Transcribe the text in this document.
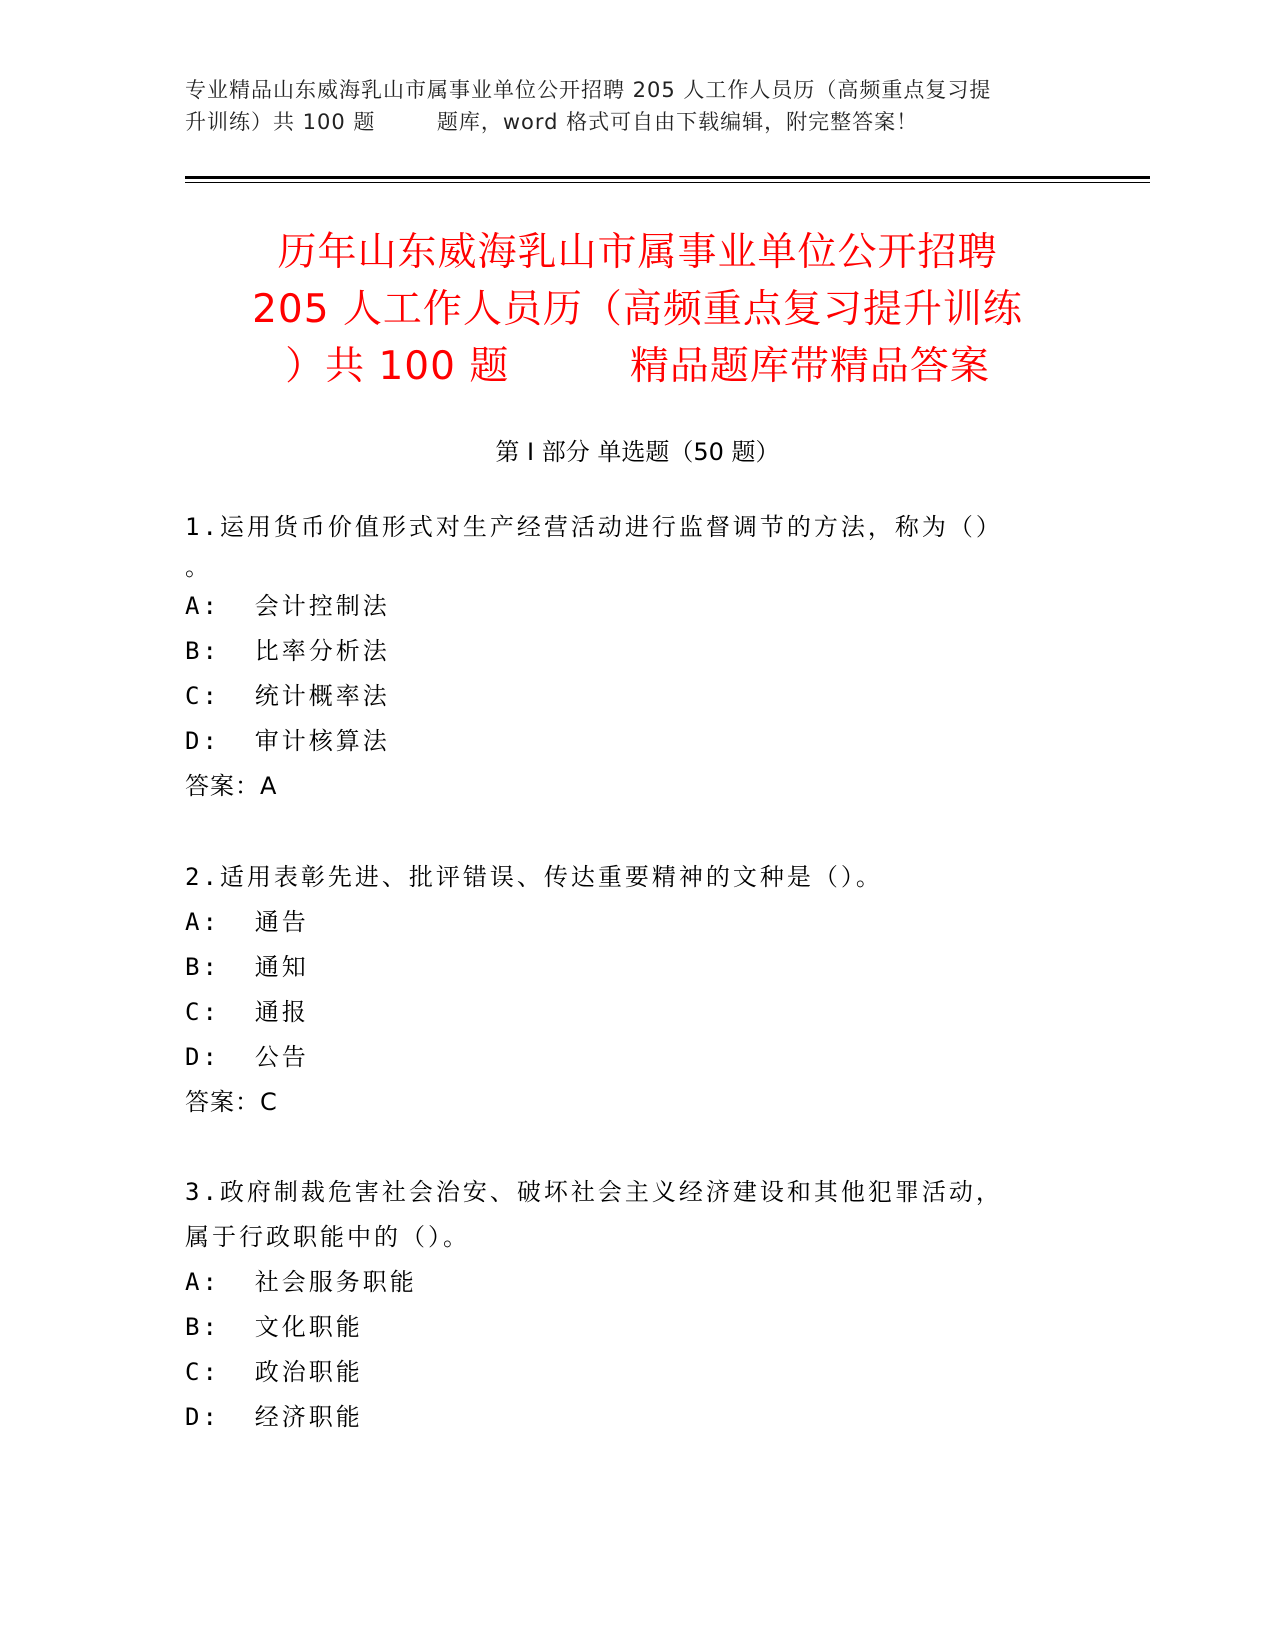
专业精品山东威海乳山市属事业单位公开招聘 205 人工作人员历（高频重点复习提
升训练）共 100 题        题库，word 格式可自由下载编辑，附完整答案！
历年山东威海乳山市属事业单位公开招聘
205 人工作人员历（高频重点复习提升训练
）共 100 题         精品题库带精品答案
第 I 部分 单选题（50 题）
1.运用货币价值形式对生产经营活动进行监督调节的方法，称为（）
。
A:  会计控制法
B:  比率分析法
C:  统计概率法
D:  审计核算法
答案：A
2.适用表彰先进、批评错误、传达重要精神的文种是（）。
A:  通告
B:  通知
C:  通报
D:  公告
答案：C
3.政府制裁危害社会治安、破坏社会主义经济建设和其他犯罪活动，
属于行政职能中的（）。
A:  社会服务职能
B:  文化职能
C:  政治职能
D:  经济职能
